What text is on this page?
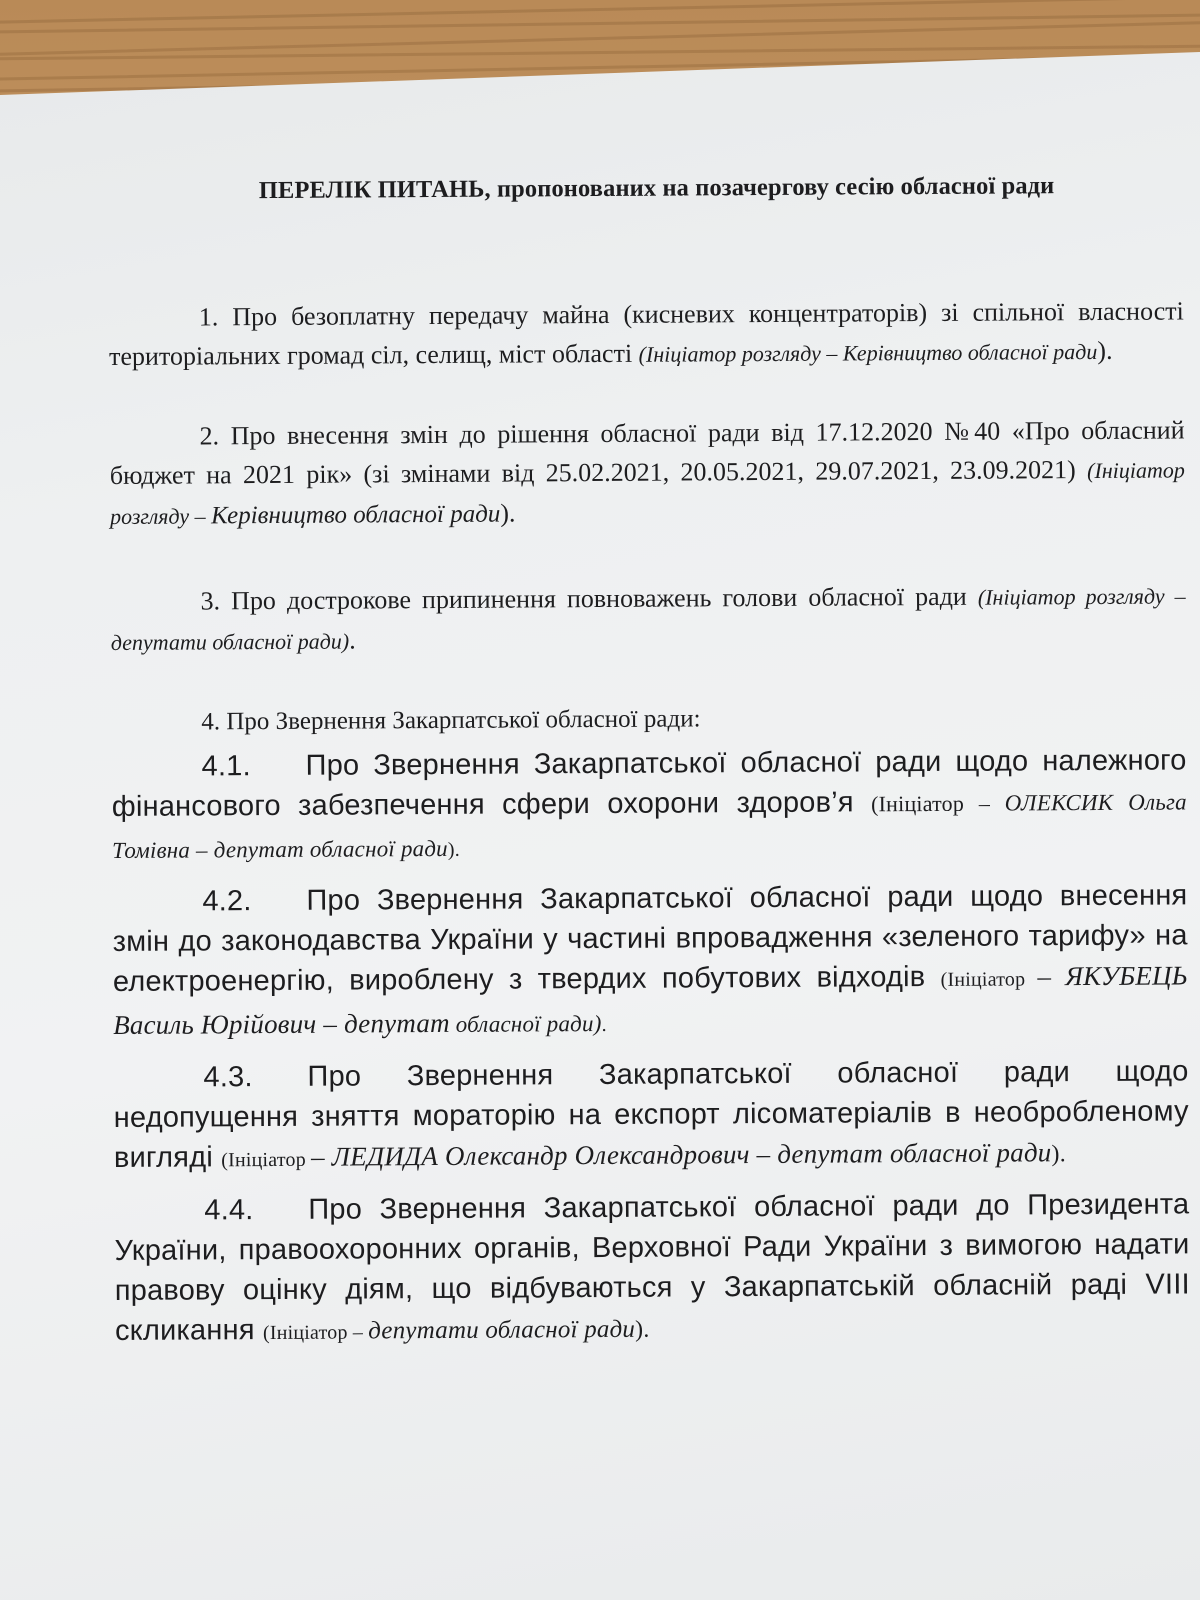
ПЕРЕЛІК ПИТАНЬ, пропонованих на позачергову сесію обласної ради

1. Про безоплатну передачу майна (кисневих концентраторів) зі спільної власності територіальних громад сіл, селищ, міст області (Ініціатор розгляду – Керівництво обласної ради).

2. Про внесення змін до рішення обласної ради від 17.12.2020 №40 «Про обласний бюджет на 2021 рік» (зі змінами від 25.02.2021, 20.05.2021, 29.07.2021, 23.09.2021) (Ініціатор розгляду – Керівництво обласної ради).

3. Про дострокове припинення повноважень голови обласної ради (Ініціатор розгляду – депутати обласної ради).

4. Про Звернення Закарпатської обласної ради:

4.1. Про Звернення Закарпатської обласної ради щодо належного фінансового забезпечення сфери охорони здоров’я (Ініціатор – ОЛЕКСИК Ольга Томівна – депутат обласної ради).

4.2. Про Звернення Закарпатської обласної ради щодо внесення змін до законодавства України у частині впровадження «зеленого тарифу» на електроенергію, вироблену з твердих побутових відходів (Ініціатор – ЯКУБЕЦЬ Василь Юрійович – депутат обласної ради).

4.3. Про Звернення Закарпатської обласної ради щодо недопущення зняття мораторію на експорт лісоматеріалів в необробленому вигляді (Ініціатор – ЛЕДИДА Олександр Олександрович – депутат обласної ради).

4.4. Про Звернення Закарпатської обласної ради до Президента України, правоохоронних органів, Верховної Ради України з вимогою надати правову оцінку діям, що відбуваються у Закарпатській обласній раді VIII скликання (Ініціатор – депутати обласної ради).
